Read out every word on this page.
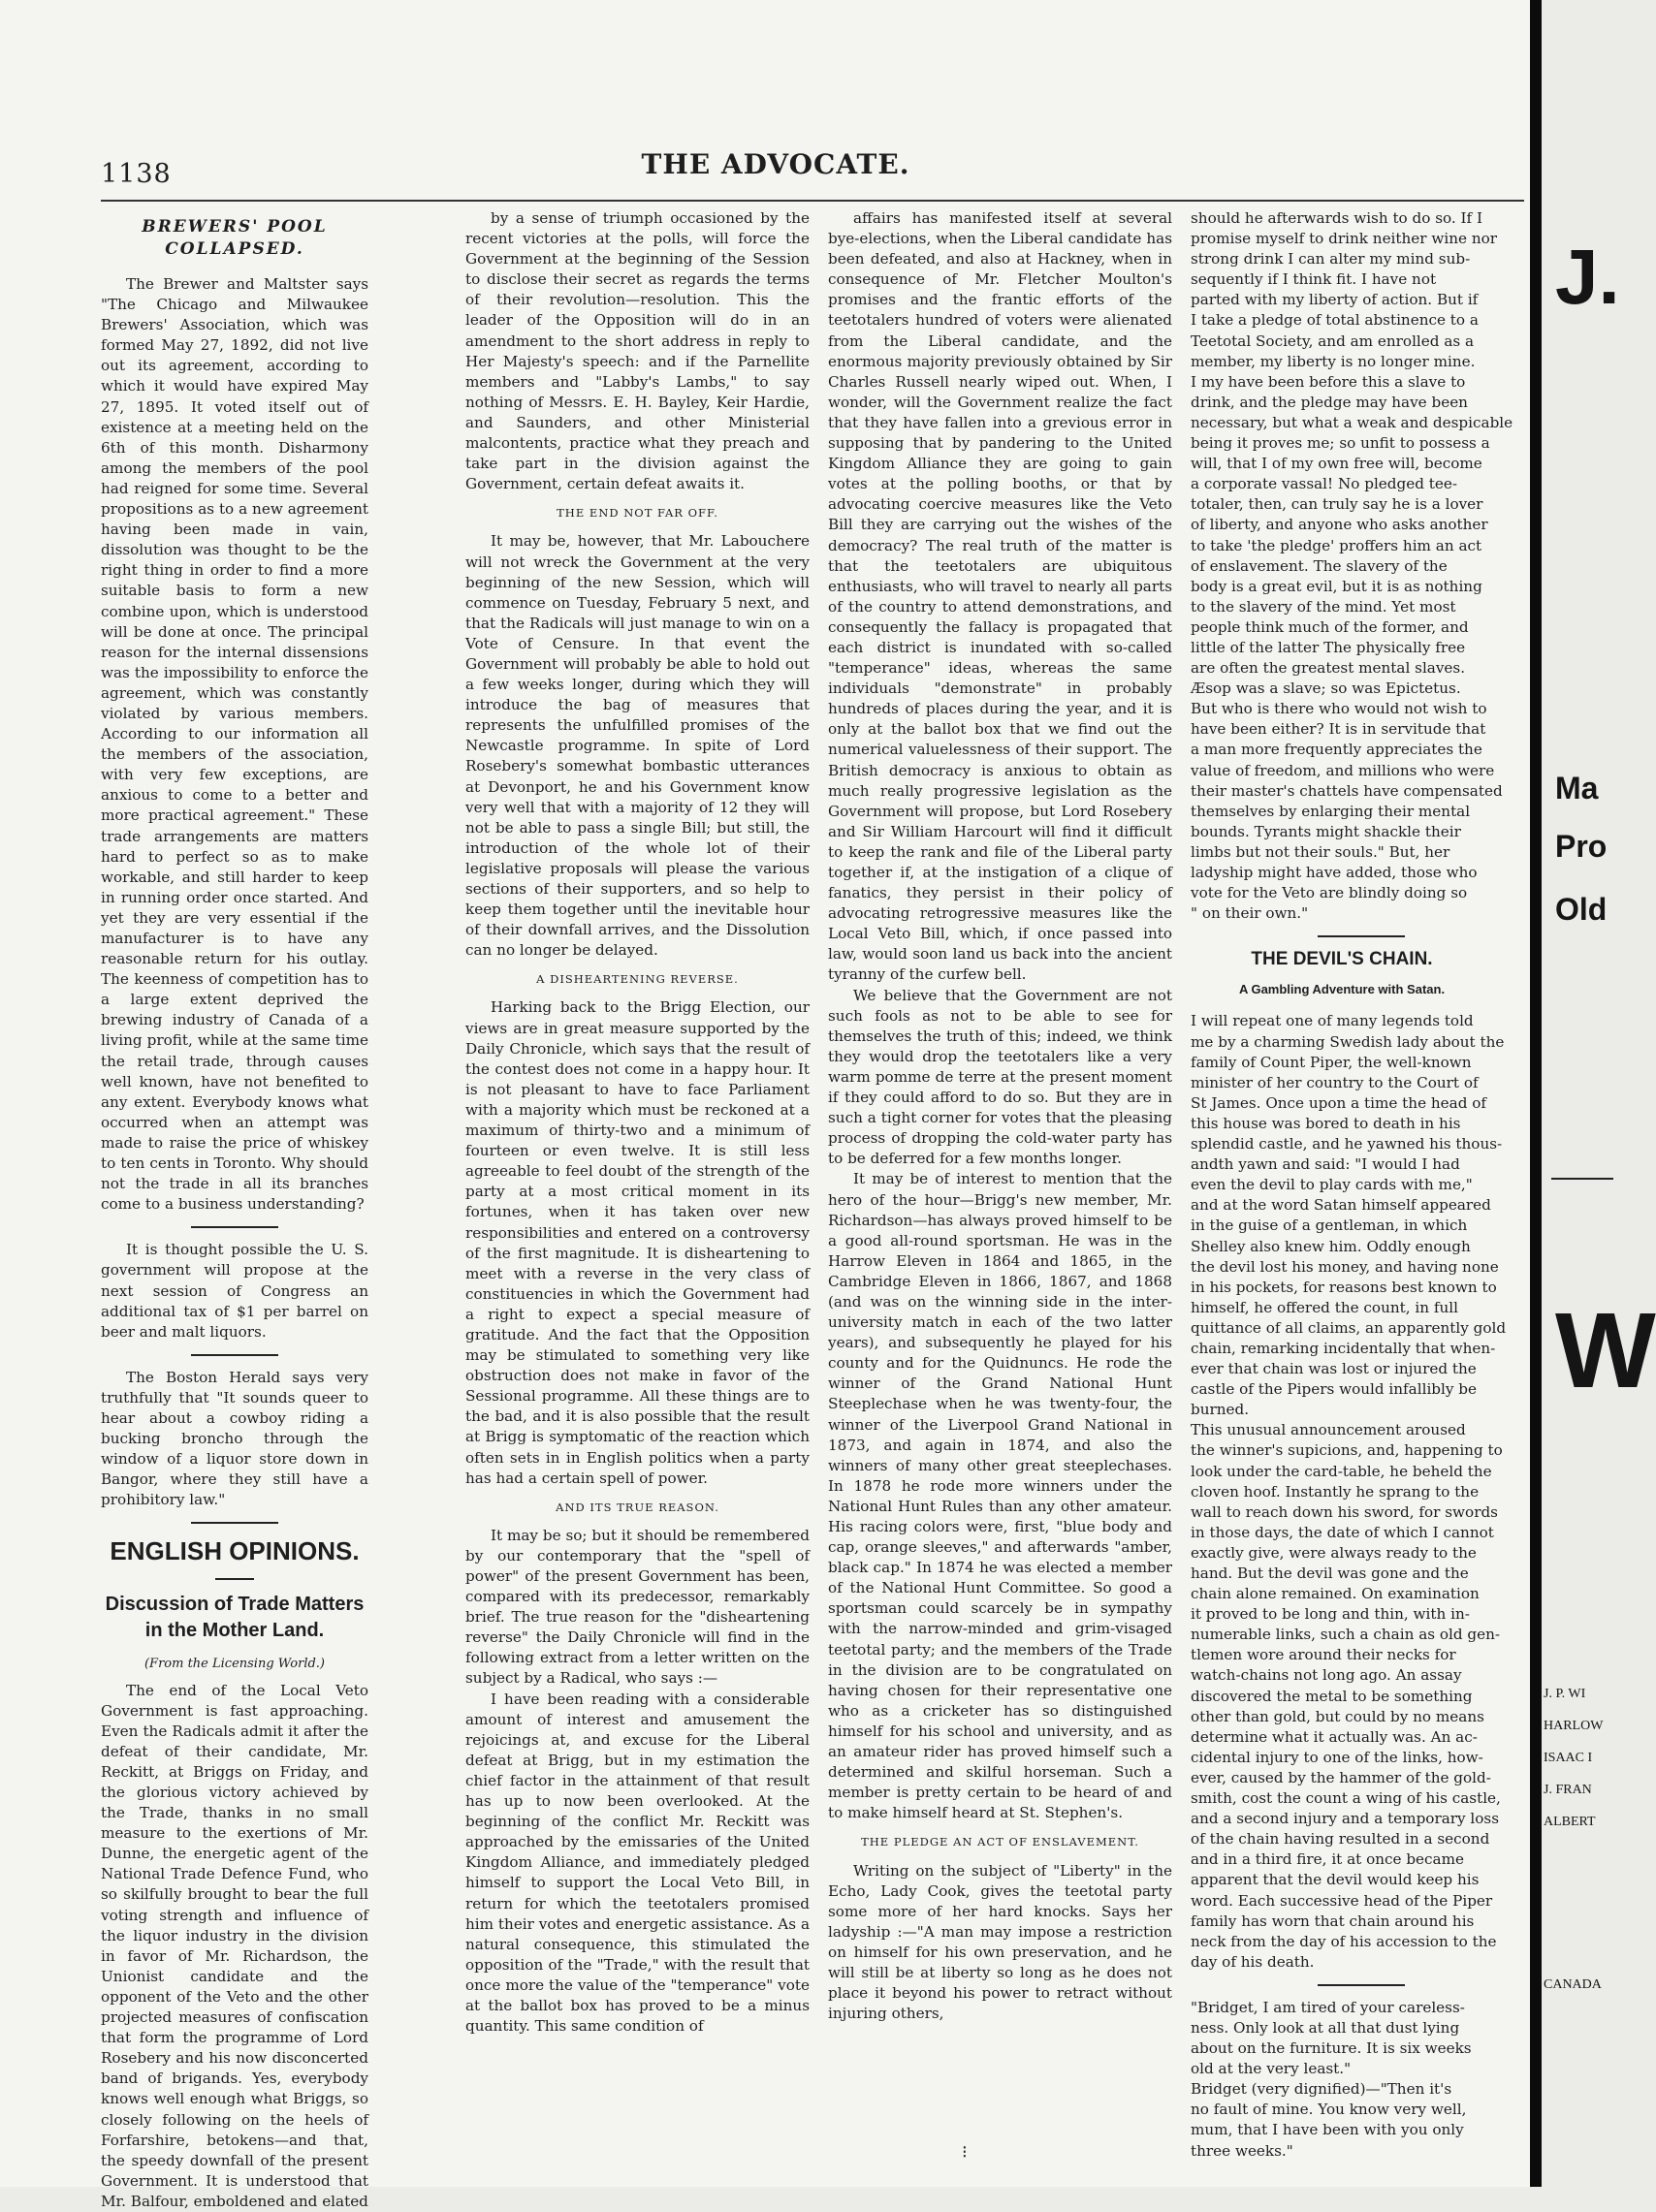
1138	THE ADVOCATE.
BREWERS' POOL COLLAPSED.

The Brewer and Maltster says "The Chicago and Milwaukee Brewers' Association, which was formed May 27, 1892, did not live out its agreement, according to which it would have expired May 27, 1895. It voted itself out of existence at a meeting held on the 6th of this month. Disharmony among the members of the pool had reigned for some time. Several propositions as to a new agreement having been made in vain, dissolution was thought to be the right thing in order to find a more suitable basis to form a new combine upon, which is understood will be done at once. The principal reason for the internal dissensions was the impossibility to enforce the agreement, which was constantly violated by various members. According to our information all the members of the association, with very few exceptions, are anxious to come to a better and more practical agreement." These trade arrangements are matters hard to perfect so as to make workable, and still harder to keep in running order once started. And yet they are very essential if the manufacturer is to have any reasonable return for his outlay. The keenness of competition has to a large extent deprived the brewing industry of Canada of a living profit, while at the same time the retail trade, through causes well known, have not benefited to any extent. Everybody knows what occurred when an attempt was made to raise the price of whiskey to ten cents in Toronto. Why should not the trade in all its branches come to a business understanding?

It is thought possible the U. S. government will propose at the next session of Congress an additional tax of $1 per barrel on beer and malt liquors.

The Boston Herald says very truthfully that "It sounds queer to hear about a cowboy riding a bucking broncho through the window of a liquor store down in Bangor, where they still have a prohibitory law."

ENGLISH OPINIONS.
Discussion of Trade Matters in the Mother Land.
(From the Licensing World.)

The end of the Local Veto Government is fast approaching. Even the Radicals admit it after the defeat of their candidate, Mr. Reckitt, at Briggs on Friday, and the glorious victory achieved by the Trade, thanks in no small measure to the exertions of Mr. Dunne, the energetic agent of the National Trade Defence Fund, who so skilfully brought to bear the full voting strength and influence of the liquor industry in the division in favor of Mr. Richardson, the Unionist candidate and the opponent of the Veto and the other projected measures of confiscation that form the programme of Lord Rosebery and his now disconcerted band of brigands. Yes, everybody knows well enough what Briggs, so closely following on the heels of Forfarshire, betokens—and that, the speedy downfall of the present Government. It is understood that Mr. Balfour, emboldened and elated

by a sense of triumph occasioned by the recent victories at the polls, will force the Government at the beginning of the Session to disclose their secret as regards the terms of their revolution—resolution. This the leader of the Opposition will do in an amendment to the short address in reply to Her Majesty's speech: and if the Parnellite members and "Labby's Lambs," to say nothing of Messrs. E. H. Bayley, Keir Hardie, and Saunders, and other Ministerial malcontents, practice what they preach and take part in the division against the Government, certain defeat awaits it.

THE END NOT FAR OFF.

It may be, however, that Mr. Labouchere will not wreck the Government at the very beginning of the new Session, which will commence on Tuesday, February 5 next, and that the Radicals will just manage to win on a Vote of Censure. In that event the Government will probably be able to hold out a few weeks longer, during which they will introduce the bag of measures that represents the unfulfilled promises of the Newcastle programme. In spite of Lord Rosebery's somewhat bombastic utterances at Devonport, he and his Government know very well that with a majority of 12 they will not be able to pass a single Bill; but still, the introduction of the whole lot of their legislative proposals will please the various sections of their supporters, and so help to keep them together until the inevitable hour of their downfall arrives, and the Dissolution can no longer be delayed.

A DISHEARTENING REVERSE.

Harking back to the Brigg Election, our views are in great measure supported by the Daily Chronicle, which says that the result of the contest does not come in a happy hour. It is not pleasant to have to face Parliament with a majority which must be reckoned at a maximum of thirty-two and a minimum of fourteen or even twelve. It is still less agreeable to feel doubt of the strength of the party at a most critical moment in its fortunes, when it has taken over new responsibilities and entered on a controversy of the first magnitude. It is disheartening to meet with a reverse in the very class of constituencies in which the Government had a right to expect a special measure of gratitude. And the fact that the Opposition may be stimulated to something very like obstruction does not make in favor of the Sessional programme. All these things are to the bad, and it is also possible that the result at Brigg is symptomatic of the reaction which often sets in in English politics when a party has had a certain spell of power.

AND ITS TRUE REASON.

It may be so; but it should be remembered by our contemporary that the "spell of power" of the present Government has been, compared with its predecessor, remarkably brief. The true reason for the "disheartening reverse" the Daily Chronicle will find in the following extract from a letter written on the subject by a Radical, who says :—

I have been reading with a considerable amount of interest and amusement the rejoicings at, and excuse for the Liberal defeat at Brigg, but in my estimation the chief factor in the attainment of that result has up to now been overlooked. At the beginning of the conflict Mr. Reckitt was approached by the emissaries of the United Kingdom Alliance, and immediately pledged himself to support the Local Veto Bill, in return for which the teetotalers promised him their votes and energetic assistance. As a natural consequence, this stimulated the opposition of the "Trade," with the result that once more the value of the "temperance" vote at the ballot box has proved to be a minus quantity. This same condition of

affairs has manifested itself at several bye-elections, when the Liberal candidate has been defeated, and also at Hackney, when in consequence of Mr. Fletcher Moulton's promises and the frantic efforts of the teetotalers hundred of voters were alienated from the Liberal candidate, and the enormous majority previously obtained by Sir Charles Russell nearly wiped out. When, I wonder, will the Government realize the fact that they have fallen into a grevious error in supposing that by pandering to the United Kingdom Alliance they are going to gain votes at the polling booths, or that by advocating coercive measures like the Veto Bill they are carrying out the wishes of the democracy? The real truth of the matter is that the teetotalers are ubiquitous enthusiasts, who will travel to nearly all parts of the country to attend demonstrations, and consequently the fallacy is propagated that each district is inundated with so-called "temperance" ideas, whereas the same individuals "demonstrate" in probably hundreds of places during the year, and it is only at the ballot box that we find out the numerical valuelessness of their support. The British democracy is anxious to obtain as much really progressive legislation as the Government will propose, but Lord Rosebery and Sir William Harcourt will find it difficult to keep the rank and file of the Liberal party together if, at the instigation of a clique of fanatics, they persist in their policy of advocating retrogressive measures like the Local Veto Bill, which, if once passed into law, would soon land us back into the ancient tyranny of the curfew bell.

We believe that the Government are not such fools as not to be able to see for themselves the truth of this; indeed, we think they would drop the teetotalers like a very warm pomme de terre at the present moment if they could afford to do so. But they are in such a tight corner for votes that the pleasing process of dropping the cold-water party has to be deferred for a few months longer.

It may be of interest to mention that the hero of the hour—Brigg's new member, Mr. Richardson—has always proved himself to be a good all-round sportsman. He was in the Harrow Eleven in 1864 and 1865, in the Cambridge Eleven in 1866, 1867, and 1868 (and was on the winning side in the inter-university match in each of the two latter years), and subsequently he played for his county and for the Quidnuncs. He rode the winner of the Grand National Hunt Steeplechase when he was twenty-four, the winner of the Liverpool Grand National in 1873, and again in 1874, and also the winners of many other great steeplechases. In 1878 he rode more winners under the National Hunt Rules than any other amateur. His racing colors were, first, "blue body and cap, orange sleeves," and afterwards "amber, black cap." In 1874 he was elected a member of the National Hunt Committee. So good a sportsman could scarcely be in sympathy with the narrow-minded and grim-visaged teetotal party; and the members of the Trade in the division are to be congratulated on having chosen for their representative one who as a cricketer has so distinguished himself for his school and university, and as an amateur rider has proved himself such a determined and skilful horseman. Such a member is pretty certain to be heard of and to make himself heard at St. Stephen's.

THE PLEDGE AN ACT OF ENSLAVEMENT.

Writing on the subject of "Liberty" in the Echo, Lady Cook, gives the teetotal party some more of her hard knocks. Says her ladyship :—"A man may impose a restriction on himself for his own preservation, and he will still be at liberty so long as he does not place it beyond his power to retract without injuring others,

should he afterwards wish to do so. If I

promise myself to drink neither wine nor

strong drink I can alter my mind sub-

sequently if I think fit. I have not

parted with my liberty of action. But if

I take a pledge of total abstinence to a

Teetotal Society, and am enrolled as a

member, my liberty is no longer mine.

I my have been before this a slave to

drink, and the pledge may have been

necessary, but what a weak and despicable

being it proves me; so unfit to possess a

will, that I of my own free will, become

a corporate vassal! No pledged tee-

totaler, then, can truly say he is a lover

of liberty, and anyone who asks another

to take 'the pledge' proffers him an act

of enslavement. The slavery of the

body is a great evil, but it is as nothing

to the slavery of the mind. Yet most

people think much of the former, and

little of the latter The physically free

are often the greatest mental slaves.

Æsop was a slave; so was Epictetus.

But who is there who would not wish to

have been either? It is in servitude that

a man more frequently appreciates the

value of freedom, and millions who were

their master's chattels have compensated

themselves by enlarging their mental

bounds. Tyrants might shackle their

limbs but not their souls." But, her

ladyship might have added, those who

vote for the Veto are blindly doing so

" on their own."

THE DEVIL'S CHAIN.
A Gambling Adventure with Satan.

I will repeat one of many legends told

me by a charming Swedish lady about the

family of Count Piper, the well-known

minister of her country to the Court of

St James. Once upon a time the head of

this house was bored to death in his

splendid castle, and he yawned his thous-

andth yawn and said: "I would I had

even the devil to play cards with me,"

and at the word Satan himself appeared

in the guise of a gentleman, in which

Shelley also knew him. Oddly enough

the devil lost his money, and having none

in his pockets, for reasons best known to

himself, he offered the count, in full

quittance of all claims, an apparently gold

chain, remarking incidentally that when-

ever that chain was lost or injured the

castle of the Pipers would infallibly be

burned.

This unusual announcement aroused

the winner's supicions, and, happening to

look under the card-table, he beheld the

cloven hoof. Instantly he sprang to the

wall to reach down his sword, for swords

in those days, the date of which I cannot

exactly give, were always ready to the

hand. But the devil was gone and the

chain alone remained. On examination

it proved to be long and thin, with in-

numerable links, such a chain as old gen-

tlemen wore around their necks for

watch-chains not long ago. An assay

discovered the metal to be something

other than gold, but could by no means

determine what it actually was. An ac-

cidental injury to one of the links, how-

ever, caused by the hammer of the gold-

smith, cost the count a wing of his castle,

and a second injury and a temporary loss

of the chain having resulted in a second

and in a third fire, it at once became

apparent that the devil would keep his

word. Each successive head of the Piper

family has worn that chain around his

neck from the day of his accession to the

day of his death.

"Bridget, I am tired of your careless-

ness. Only look at all that dust lying

about on the furniture. It is six weeks

old at the very least."

Bridget (very dignified)—"Then it's

no fault of mine. You know very well,

mum, that I have been with you only

three weeks."

⁝
J.
Ma
Pro
Old
W
J. P. WI
HARLOW
ISAAC I
J. FRAN
ALBERT
CANADA
